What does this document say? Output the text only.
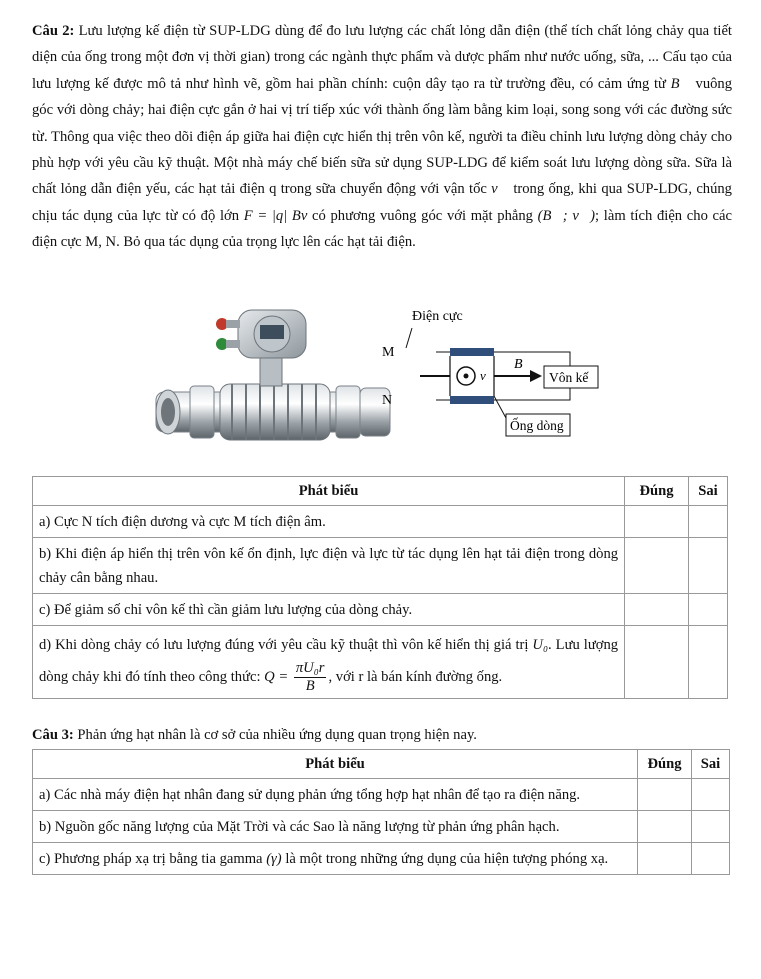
Câu 2: Lưu lượng kế điện từ SUP-LDG dùng để đo lưu lượng các chất lỏng dẫn điện (thể tích chất lỏng chảy qua tiết diện của ống trong một đơn vị thời gian) trong các ngành thực phẩm và dược phẩm như nước uống, sữa, ... Cấu tạo của lưu lượng kế được mô tả như hình vẽ, gồm hai phần chính: cuộn dây tạo ra từ trường đều, có cảm ứng từ B⃗ vuông góc với dòng chảy; hai điện cực gắn ở hai vị trí tiếp xúc với thành ống làm bằng kim loại, song song với các đường sức từ. Thông qua việc theo dõi điện áp giữa hai điện cực hiển thị trên vôn kế, người ta điều chỉnh lưu lượng dòng chảy cho phù hợp với yêu cầu kỹ thuật. Một nhà máy chế biến sữa sử dụng SUP-LDG để kiểm soát lưu lượng dòng sữa. Sữa là chất lỏng dẫn điện yếu, các hạt tải điện q trong sữa chuyển động với vận tốc v⃗ trong ống, khi qua SUP-LDG, chúng chịu tác dụng của lực từ có độ lớn F = |q| Bv có phương vuông góc với mặt phẳng (B⃗; v⃗); làm tích điện cho các điện cực M, N. Bỏ qua tác dụng của trọng lực lên các hạt tải điện.
Điện cực
M
N
v⃗
B⃗
Vôn kế
Ống dòng
Phát biểu	Đúng	Sai
a) Cực N tích điện dương và cực M tích điện âm.		
b) Khi điện áp hiển thị trên vôn kế ổn định, lực điện và lực từ tác dụng lên hạt tải điện trong dòng chảy cân bằng nhau.		
c) Để giảm số chỉ vôn kế thì cần giảm lưu lượng của dòng chảy.		
d) Khi dòng chảy có lưu lượng đúng với yêu cầu kỹ thuật thì vôn kế hiển thị giá trị U₀. Lưu lượng dòng chảy khi đó tính theo công thức: $Q = \frac{\text{πU₀r}}{B}$ , với r là bán kính đường ống.		
Câu 3: Phản ứng hạt nhân là cơ sở của nhiều ứng dụng quan trọng hiện nay.
Phát biểu	Đúng	Sai
a) Các nhà máy điện hạt nhân đang sử dụng phản ứng tổng hợp hạt nhân để tạo ra điện năng.		
b) Nguồn gốc năng lượng của Mặt Trời và các Sao là năng lượng từ phản ứng phân hạch.		
c) Phương pháp xạ trị bằng tia gamma (γ) là một trong những ứng dụng của hiện tượng phóng xạ.		
